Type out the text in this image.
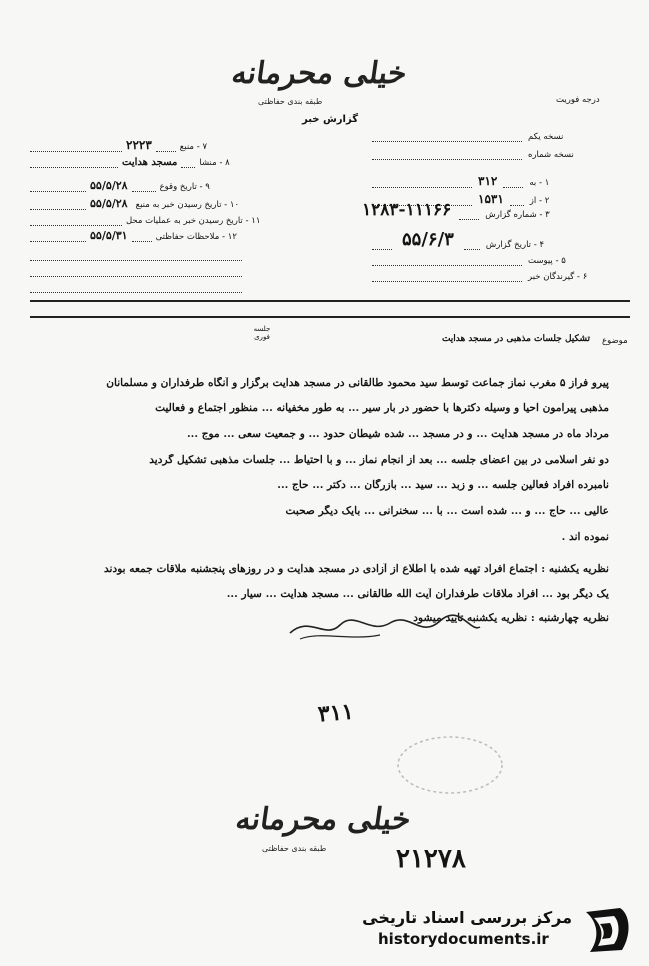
خیلی محرمانه
طبقه بندی حفاظتی
گزارش خبر
درجه فوریت
۲۲۲۳	۷ - منبع
مسجد هدایت	۸ - منشا
۵۵/۵/۲۸	۹ - تاریخ وقوع
۵۵/۵/۲۸ ۱۰ - تاریخ رسیدن خبر به منبع
۱۱ - تاریخ رسیدن خبر به عملیات محل
۵۵/۵/۳۱	۱۲ - ملاحظات حفاظتی
نسخه یکم
نسخه شماره
۳۱۲	۱ - به
۱۵۳۱	۲ - از
۱۲۸۳-۱۱۱۶۶	۳ - شماره گزارش
۵۵/۶/۳	۴ - تاریخ گزارش
۵ - پیوست
۶ - گیرندگان خبر
جلسه فوری	موضوع
تشکیل جلسات مذهبی در مسجد هدایت
پیرو فراز ۵ مغرب نماز جماعت توسط سید محمود طالقانی در مسجد هدایت برگزار و آنگاه طرفداران و مسلمانان
مذهبی پیرامون احیا و وسیله دکترها با حضور در بار سیر ... به طور مخفیانه ... منظور اجتماع و فعالیت
مرداد ماه در مسجد هدایت ... و در مسجد ... شده شیطان حدود ... و جمعیت سعی ... موج ...
دو نفر اسلامی در بین اعضای جلسه ... بعد از انجام نماز ... و با احتیاط ... جلسات مذهبی تشکیل گردید
نامبرده افراد فعالین جلسه ... و زبد ... سید ... بازرگان ... دکتر ... حاج ...
عالیی ... حاج ... و ... شده است ... با ... سخنرانی ... بایک دیگر صحبت
نموده اند .
نظریه یکشنبه : اجتماع افراد تهیه شده با اطلاع از آزادی در مسجد هدایت و در روزهای پنجشنبه ملاقات جمعه بودند
یک دیگر بود ... افراد ملاقات طرفداران آیت الله طالقانی ... مسجد هدایت ... سیار ...
نظریه چهارشنبه : نظریه یکشنبه تایید میشود
۳۱۱
خیلی محرمانه
طبقه بندی حفاظتی	۲۱۲۷۸
مرکز بررسی اسناد تاریخی
historydocuments.ir
